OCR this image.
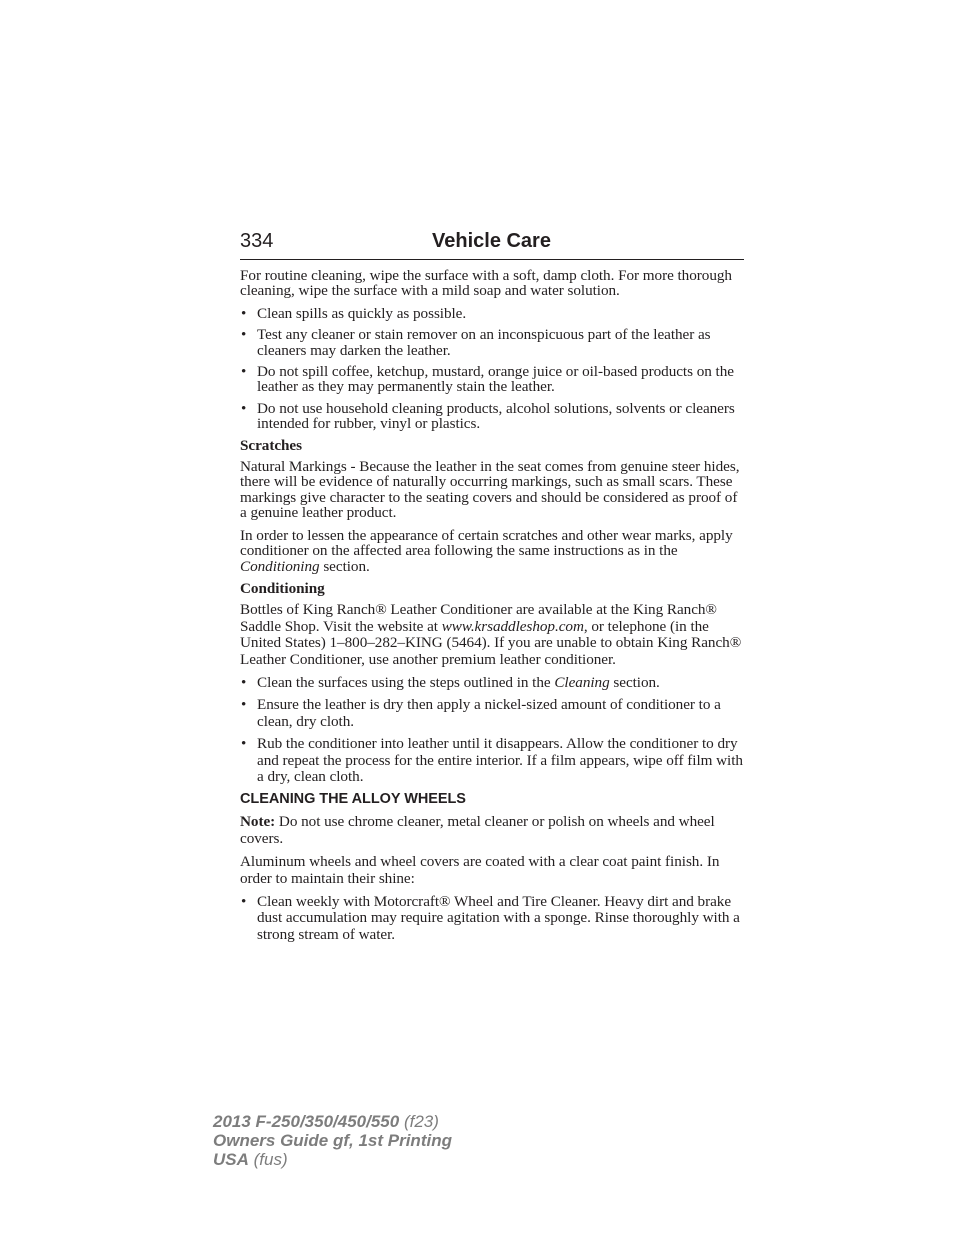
334	Vehicle Care

For routine cleaning, wipe the surface with a soft, damp cloth. For more thorough cleaning, wipe the surface with a mild soap and water solution.

• Clean spills as quickly as possible.
• Test any cleaner or stain remover on an inconspicuous part of the leather as cleaners may darken the leather.
• Do not spill coffee, ketchup, mustard, orange juice or oil-based products on the leather as they may permanently stain the leather.
• Do not use household cleaning products, alcohol solutions, solvents or cleaners intended for rubber, vinyl or plastics.

Scratches

Natural Markings - Because the leather in the seat comes from genuine steer hides, there will be evidence of naturally occurring markings, such as small scars. These markings give character to the seating covers and should be considered as proof of a genuine leather product.

In order to lessen the appearance of certain scratches and other wear marks, apply conditioner on the affected area following the same instructions as in the Conditioning section.

Conditioning

Bottles of King Ranch® Leather Conditioner are available at the King Ranch® Saddle Shop. Visit the website at www.krsaddleshop.com, or telephone (in the United States) 1–800–282–KING (5464). If you are unable to obtain King Ranch® Leather Conditioner, use another premium leather conditioner.

• Clean the surfaces using the steps outlined in the Cleaning section.
• Ensure the leather is dry then apply a nickel-sized amount of conditioner to a clean, dry cloth.
• Rub the conditioner into leather until it disappears. Allow the conditioner to dry and repeat the process for the entire interior. If a film appears, wipe off film with a dry, clean cloth.

CLEANING THE ALLOY WHEELS

Note: Do not use chrome cleaner, metal cleaner or polish on wheels and wheel covers.

Aluminum wheels and wheel covers are coated with a clear coat paint finish. In order to maintain their shine:

• Clean weekly with Motorcraft® Wheel and Tire Cleaner. Heavy dirt and brake dust accumulation may require agitation with a sponge. Rinse thoroughly with a strong stream of water.
2013 F-250/350/450/550 (f23)
Owners Guide gf, 1st Printing
USA (fus)
